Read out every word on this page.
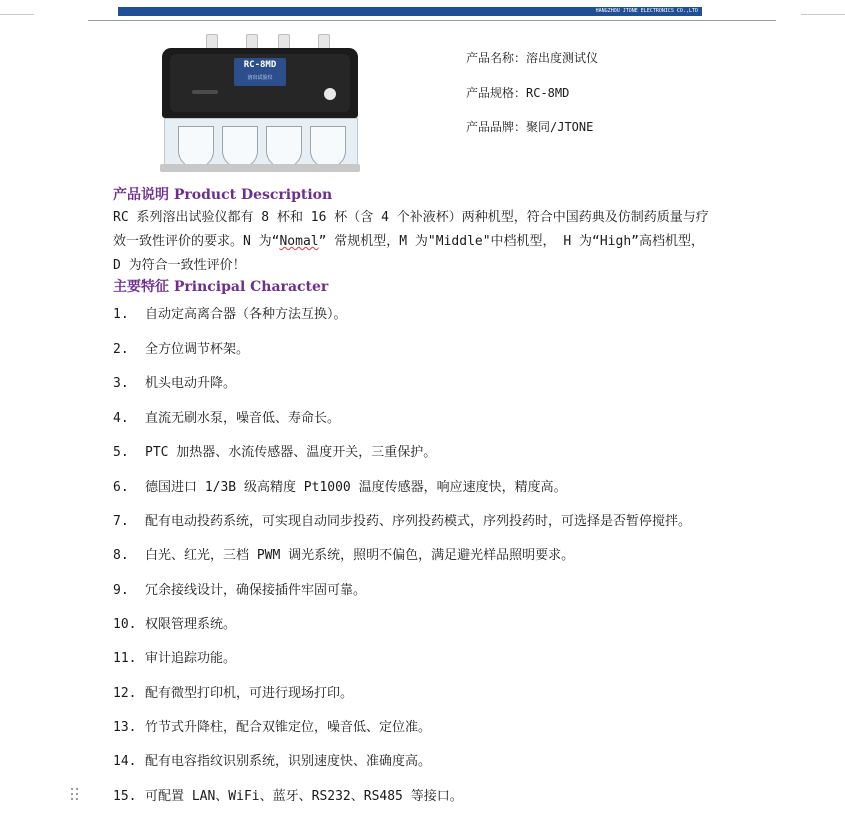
HANGZHOU JTONE ELECTRONICS CO.,LTD
RC-8MD
溶出试验仪
产品名称：溶出度测试仪
产品规格：RC-8MD
产品品牌：聚同/JTONE
产品说明 Product Description
RC 系列溶出试验仪都有 8 杯和 16 杯（含 4 个补液杯）两种机型，符合中国药典及仿制药质量与疗
效一致性评价的要求。N 为“Nomal” 常规机型，M 为"Middle"中档机型， H 为“High”高档机型，
D 为符合一致性评价！
主要特征 Principal Character
1. 自动定高离合器（各种方法互换）。
2. 全方位调节杯架。
3. 机头电动升降。
4. 直流无刷水泵，噪音低、寿命长。
5. PTC 加热器、水流传感器、温度开关，三重保护。
6. 德国进口 1/3B 级高精度 Pt1000 温度传感器，响应速度快，精度高。
7. 配有电动投药系统，可实现自动同步投药、序列投药模式，序列投药时，可选择是否暂停搅拌。
8. 白光、红光，三档 PWM 调光系统，照明不偏色，满足避光样品照明要求。
9. 冗余接线设计，确保接插件牢固可靠。
10. 权限管理系统。
11. 审计追踪功能。
12. 配有微型打印机，可进行现场打印。
13. 竹节式升降柱，配合双锥定位，噪音低、定位准。
14. 配有电容指纹识别系统，识别速度快、准确度高。
15. 可配置 LAN、WiFi、蓝牙、RS232、RS485 等接口。
